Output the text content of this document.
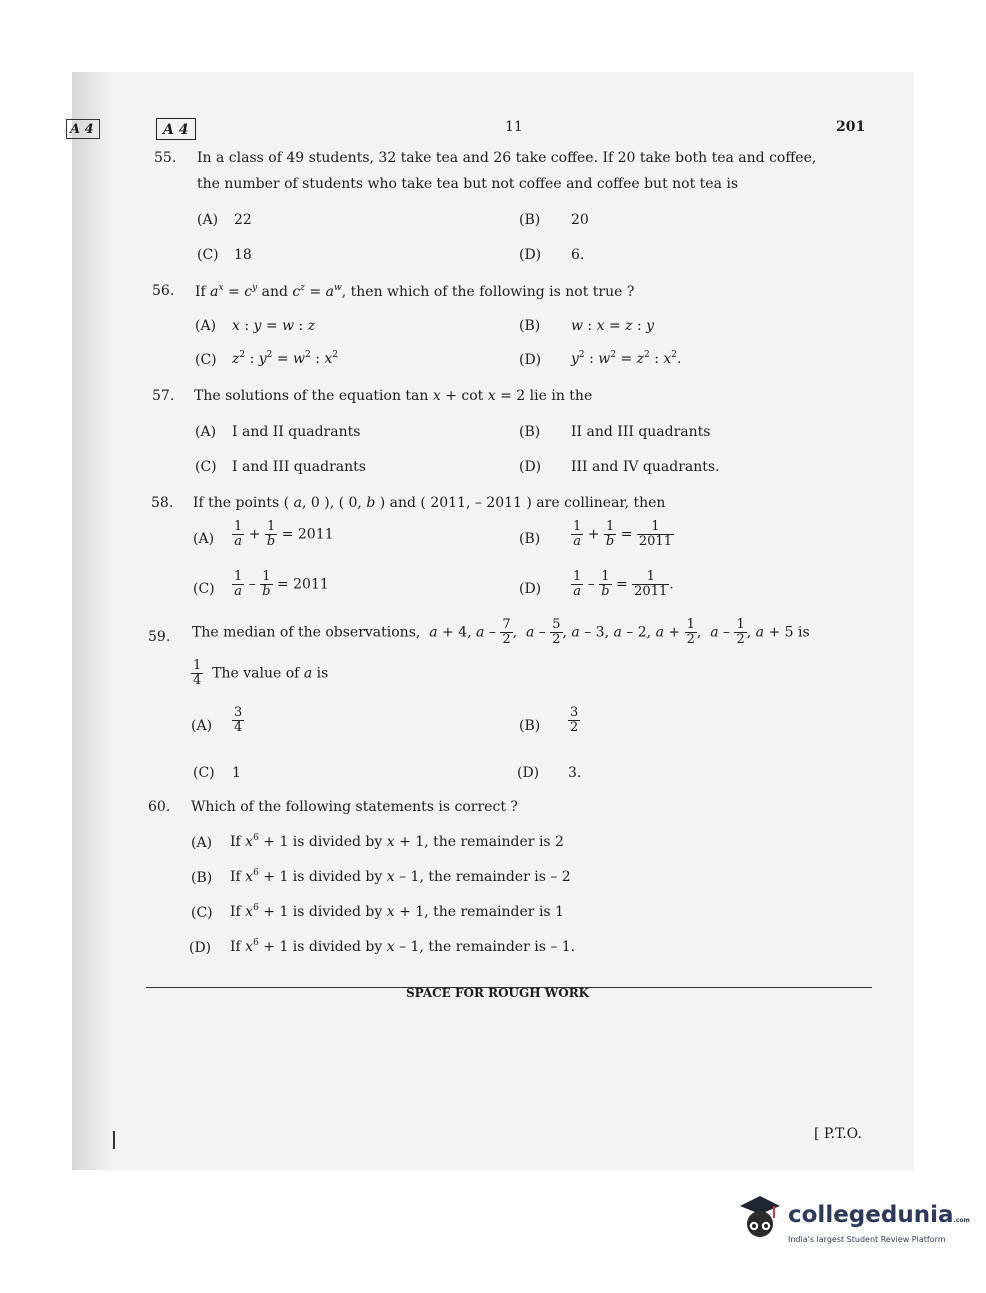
A 4	A 4	11	201
55. In a class of 49 students, 32 take tea and 26 take coffee. If 20 take both tea and coffee,
the number of students who take tea but not coffee and coffee but not tea is
(A) 22	(B) 20
(C) 18	(D) 6.
56. If $a^x = c^y$ and $c^z = a^w$, then which of the following is not true ?
(A) x : y = w : z	(B) w : x = z : y
(C) $z^2$ : $y^2 = w^2$ : $x^2$	(D) $y^2$ : $w^2 = z^2$ : $x^2$.
57. The solutions of the equation tan x + cot x = 2 lie in the
(A) I and II quadrants	(B) II and III quadrants
(C) I and III quadrants	(D) III and IV quadrants.
58. If the points ( a, 0 ), ( 0, b ) and ( 2011, – 2011 ) are collinear, then
$(A) \frac{1}{a} + \frac{1}{b} = 2011$	$(B) \frac{1}{a} + \frac{1}{b} = \frac{1}{2011}$
$(C) \frac{1}{a} - \frac{1}{b} = 2011$	$(D) \frac{1}{a} - \frac{1}{b} = \frac{1}{2011}$ .
59. The median of the observations,  a + 4, a – $\frac{7}{2}$ ,  a – $\frac{5}{2}$ , a – 3, a – 2, $a + \frac{1}{2}$ ,  a – $\frac{1}{2}$ , a + 5 is
$\frac{1}{4}$ The value of a is
$(A) \frac{3}{4}$	$(B) \frac{3}{2}$
(C) 1	(D) 3.
60. Which of the following statements is correct ?
(A) If $x^6 + 1$ is divided by x + 1, the remainder is 2
(B) If $x^6 + 1$ is divided by x – 1, the remainder is – 2
(C) If $x^6 + 1$ is divided by x + 1, the remainder is 1
(D) If $x^6 + 1$ is divided by x – 1, the remainder is – 1.
SPACE FOR ROUGH WORK
[ P.T.O.
collegedunia.com
India's largest Student Review Platform
